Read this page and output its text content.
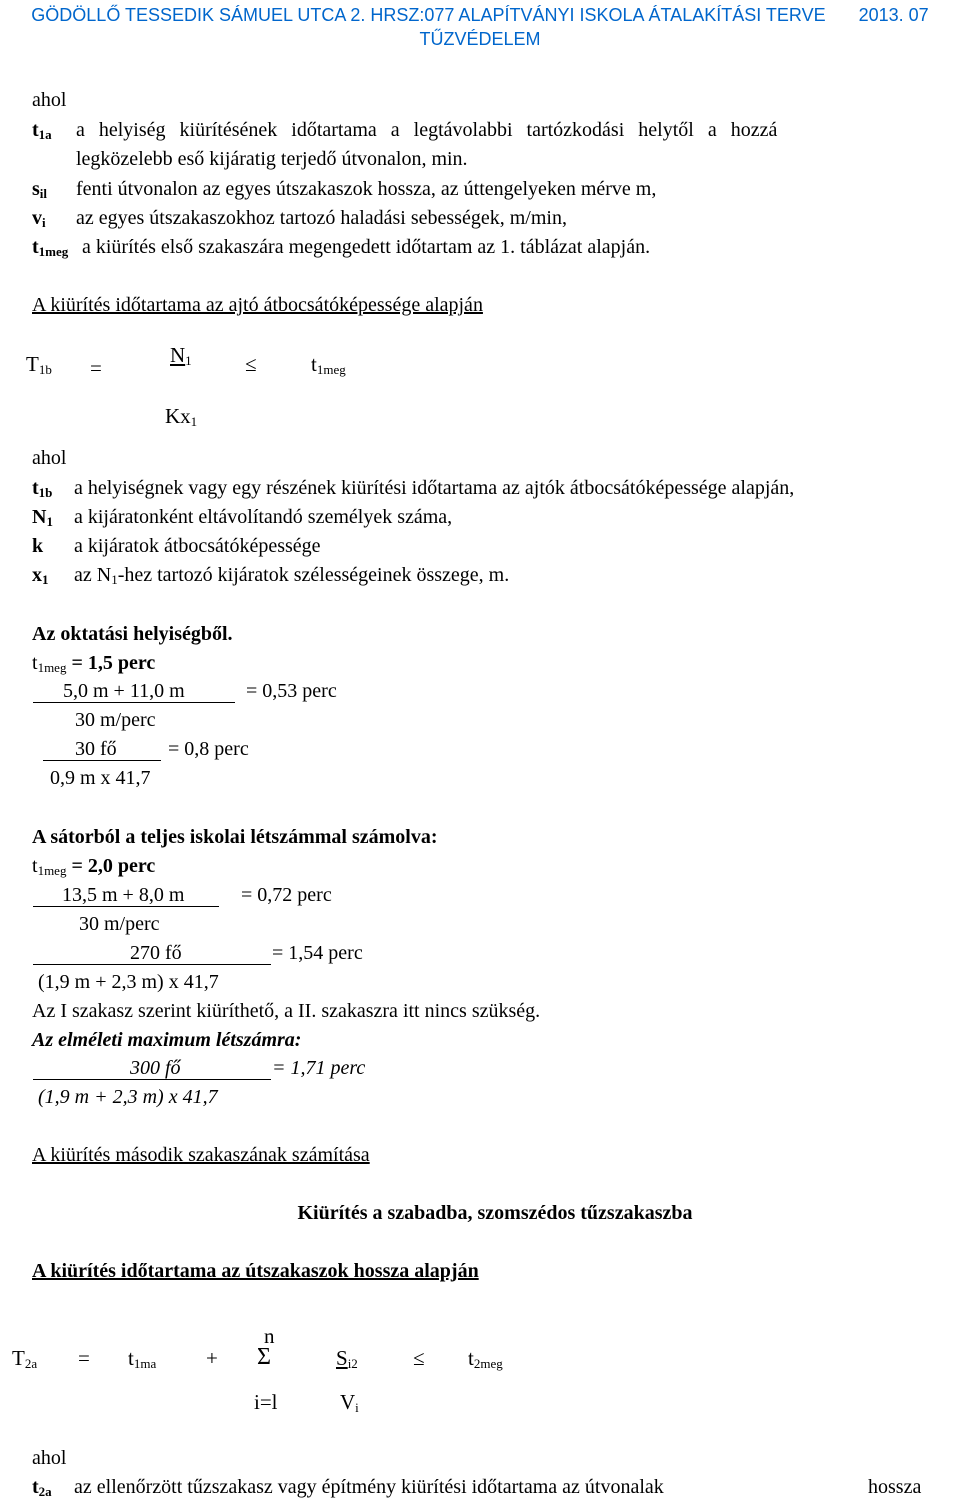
GÖDÖLLŐ TESSEDIK SÁMUEL UTCA 2. HRSZ:077 ALAPÍTVÁNYI ISKOLA ÁTALAKÍTÁSI TERVE 2013. 07
TŰZVÉDELEM
ahol
$t_{1a}$ a helyiség kiürítésének időtartama a legtávolabbi tartózkodási helytől a hozzá
legközelebb eső kijáratig terjedő útvonalon, min.
$s_{il}$ fenti útvonalon az egyes útszakaszok hossza, az úttengelyeken mérve m,
$v_i$ az egyes útszakaszokhoz tartozó haladási sebességek, m/min,
$t_{1meg}$ a kiürítés első szakaszára megengedett időtartam az 1. táblázat alapján.
A kiürítés időtartama az ajtó átbocsátóképessége alapján
$T_{1b}$ =
$N_1$	≤	$t_{1meg}$
$Kx_1$
ahol
$t_{1b}$ a helyiségnek vagy egy részének kiürítési időtartama az ajtók átbocsátóképessége alapján,
$N_1$ a kijáratonként eltávolítandó személyek száma,
k a kijáratok átbocsátóképessége
$x_1$ az $N_1$-hez tartozó kijáratok szélességeinek összege, m.
Az oktatási helyiségből.
$t_{1meg} = 1,5$ perc
5,0 m + 11,0 m	= 0,53 perc
30 m/perc
30 fő	= 0,8 perc
0,9 m x 41,7
A sátorból a teljes iskolai létszámmal számolva:
$t_{1meg} = 2,0$ perc
13,5 m + 8,0 m	= 0,72 perc
30 m/perc
270 fő	= 1,54 perc
(1,9 m + 2,3 m) x 41,7
Az I szakasz szerint kiüríthető, a II. szakaszra itt nincs szükség.
Az elméleti maximum létszámra:
300 fő	= 1,71 perc
(1,9 m + 2,3 m) x 41,7
A kiürítés második szakaszának számítása
Kiürítés a szabadba, szomszédos tűzszakaszba
A kiürítés időtartama az útszakaszok hossza alapján
$T_{2a} = t_{1ma}$ +
n
Σ
i=l
$S_{i2}$
$V_i$
≤ $t_{2meg}$
ahol
$t_{2a}$ az ellenőrzött tűzszakasz vagy építmény kiürítési időtartama az útvonalak	hossza
